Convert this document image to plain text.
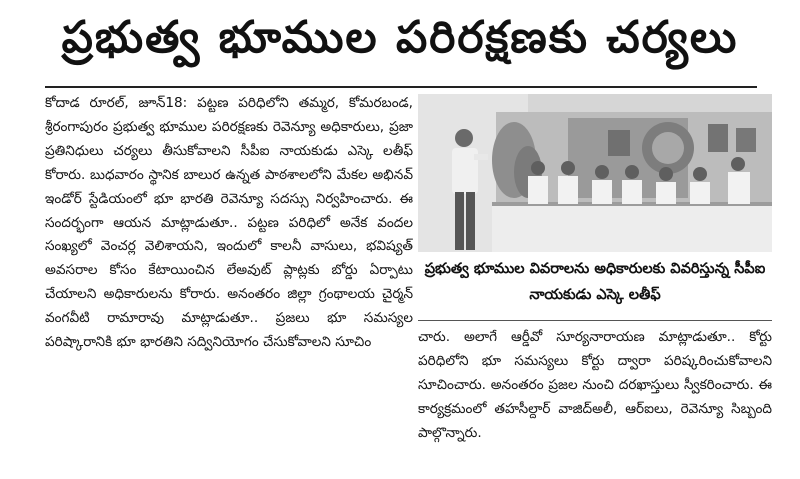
ప్రభుత్వ భూముల పరిరక్షణకు చర్యలు

కోదాడ రూరల్, జూన్18: పట్టణ పరిధిలోని తమ్మర, కోమరబండ, శ్రీరంగాపురం ప్రభుత్వ భూముల పరిరక్షణకు రెవెన్యూ అధికారులు, ప్రజా ప్రతినిధులు చర్యలు తీసుకోవాలని సీపీఐ నాయకుడు ఎస్కె లతీఫ్ కోరారు. బుధవారం స్థానిక బాలుర ఉన్నత పాఠశాలలోని మేకల అభినవ్ ఇండోర్ స్టేడియంలో భూ భారతి రెవెన్యూ సదస్సు నిర్వహించారు. ఈ సందర్భంగా ఆయన మాట్లాడుతూ.. పట్టణ పరిధిలో అనేక వందల సంఖ్యలో వెంచర్ల వెలిశాయని, ఇందులో కాలనీ వాసులు, భవిష్యత్ అవసరాల కోసం కేటాయించిన లేఅవుట్ ప్లాట్లకు బోర్డు ఏర్పాటు చేయాలని అధికారులను కోరారు. అనంతరం జిల్లా గ్రంథాలయ చైర్మన్ వంగవీటి రామారావు మాట్లాడుతూ.. ప్రజలు భూ సమస్యల పరిష్కారానికి భూ భారతిని సద్వినియోగం చేసుకోవాలని సూచిం

ప్రభుత్వ భూముల వివరాలను అధికారులకు వివరిస్తున్న సీపీఐ నాయకుడు ఎస్కె లతీఫ్

చారు. అలాగే ఆర్డీవో సూర్యనారాయణ మాట్లాడుతూ.. కోర్టు పరిధిలోని భూ సమస్యలు కోర్టు ద్వారా పరిష్కరించుకోవాలని సూచించారు. అనంతరం ప్రజల నుంచి దరఖాస్తులు స్వీకరించారు. ఈ కార్యక్రమంలో తహసీల్దార్ వాజిద్అలీ, ఆర్ఐలు, రెవెన్యూ సిబ్బంది పాల్గొన్నారు.
